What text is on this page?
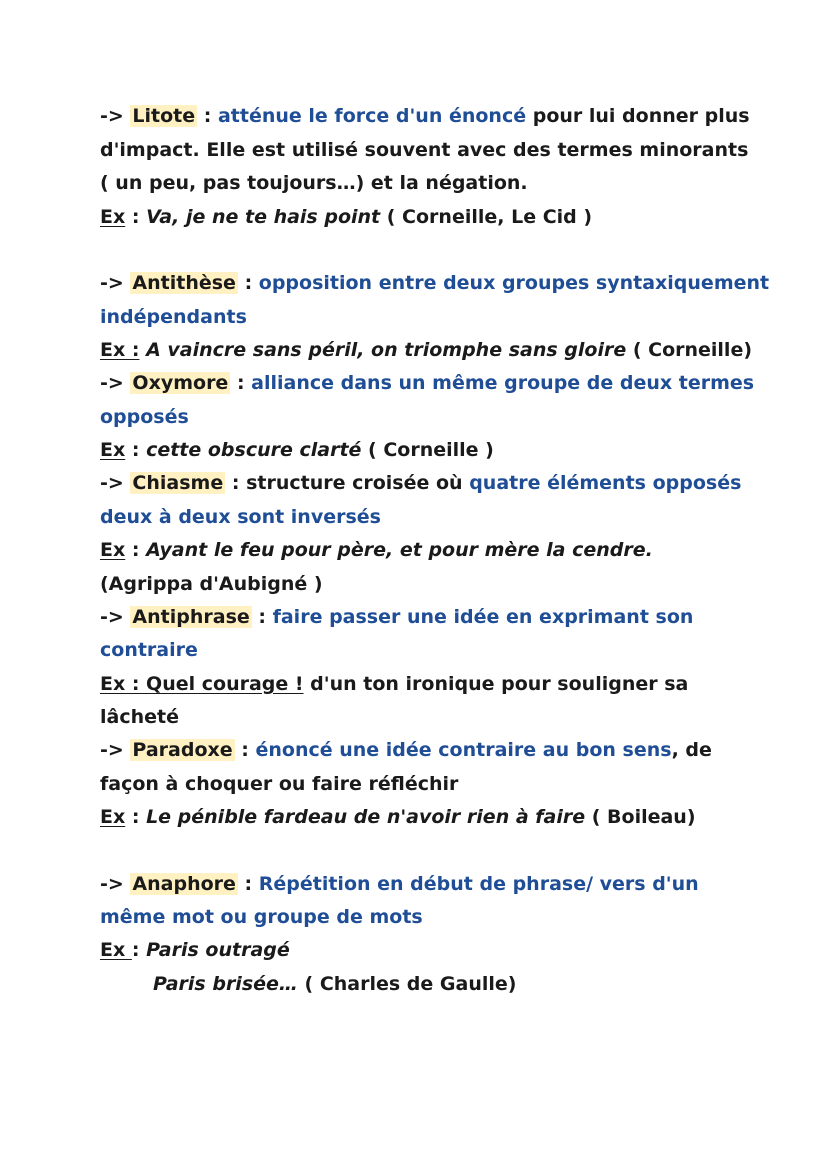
-> Litote : atténue le force d'un énoncé pour lui donner plus
d'impact. Elle est utilisé souvent avec des termes minorants
( un peu, pas toujours…) et la négation.
Ex : Va, je ne te hais point ( Corneille, Le Cid )
-> Antithèse : opposition entre deux groupes syntaxiquement
indépendants
Ex : A vaincre sans péril, on triomphe sans gloire ( Corneille)
-> Oxymore : alliance dans un même groupe de deux termes
opposés
Ex : cette obscure clarté ( Corneille )
-> Chiasme : structure croisée où quatre éléments opposés
deux à deux sont inversés
Ex : Ayant le feu pour père, et pour mère la cendre.
(Agrippa d'Aubigné )
-> Antiphrase : faire passer une idée en exprimant son
contraire
Ex : Quel courage ! d'un ton ironique pour souligner sa
lâcheté
-> Paradoxe : énoncé une idée contraire au bon sens, de
façon à choquer ou faire réfléchir
Ex : Le pénible fardeau de n'avoir rien à faire ( Boileau)
-> Anaphore : Répétition en début de phrase/ vers d'un
même mot ou groupe de mots
Ex : Paris outragé
Paris brisée… ( Charles de Gaulle)
